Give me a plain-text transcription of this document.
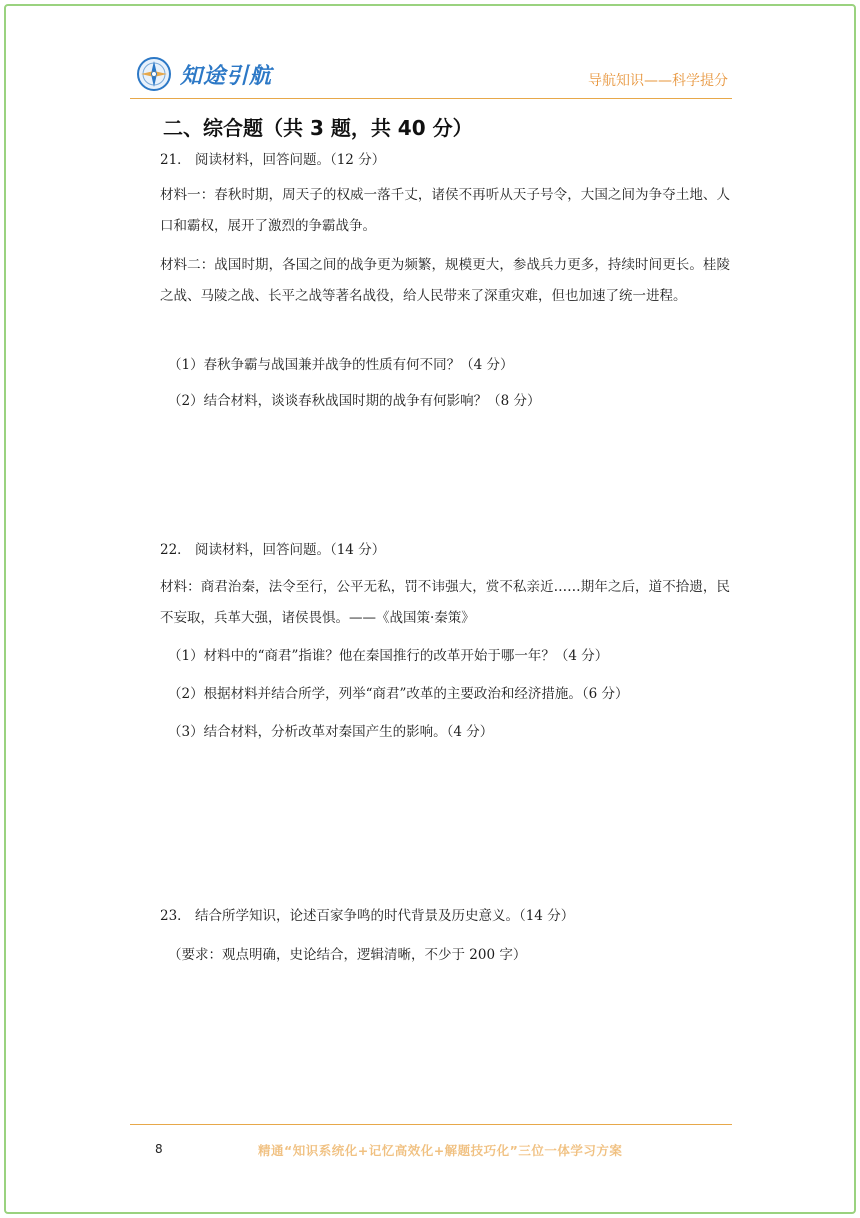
知途引航	导航知识——科学提分
二、综合题（共 3 题，共 40 分）
21． 阅读材料，回答问题。（12 分）
材料一：春秋时期，周天子的权威一落千丈，诸侯不再听从天子号令，大国之间为争夺土地、人口和霸权，展开了激烈的争霸战争。
材料二：战国时期，各国之间的战争更为频繁，规模更大，参战兵力更多，持续时间更长。桂陵之战、马陵之战、长平之战等著名战役，给人民带来了深重灾难，但也加速了统一进程。
（1）春秋争霸与战国兼并战争的性质有何不同？（4 分）
（2）结合材料，谈谈春秋战国时期的战争有何影响？（8 分）
22． 阅读材料，回答问题。（14 分）
材料：商君治秦，法令至行，公平无私，罚不讳强大，赏不私亲近……期年之后，道不拾遗，民不妄取，兵革大强，诸侯畏惧。——《战国策·秦策》
（1）材料中的“商君”指谁？他在秦国推行的改革开始于哪一年？（4 分）
（2）根据材料并结合所学，列举“商君”改革的主要政治和经济措施。（6 分）
（3）结合材料，分析改革对秦国产生的影响。（4 分）
23． 结合所学知识，论述百家争鸣的时代背景及历史意义。（14 分）
（要求：观点明确，史论结合，逻辑清晰，不少于 200 字）
8	精通“知识系统化+记忆高效化+解题技巧化”三位一体学习方案
